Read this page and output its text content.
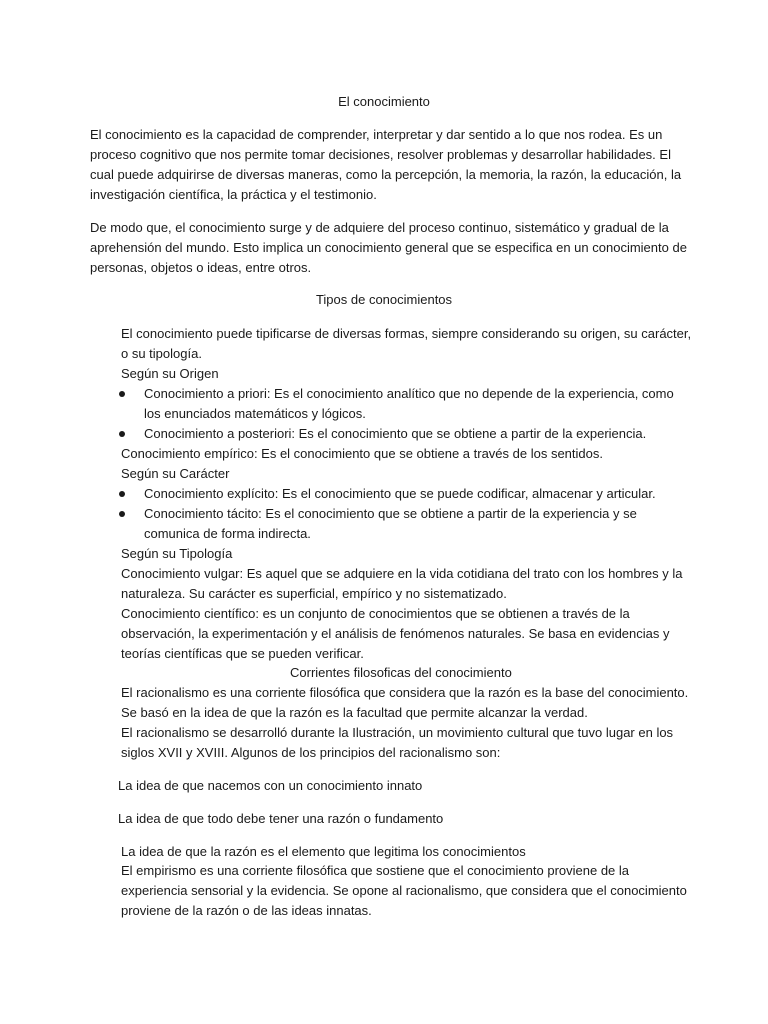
El conocimiento

El conocimiento es la capacidad de comprender, interpretar y dar sentido a lo que nos rodea. Es un

proceso cognitivo que nos permite tomar decisiones, resolver problemas y desarrollar habilidades. El

cual puede adquirirse de diversas maneras, como la percepción, la memoria, la razón, la educación, la

investigación científica, la práctica y el testimonio.

De modo que, el conocimiento surge y de adquiere del proceso continuo, sistemático y gradual de la

aprehensión del mundo. Esto implica un conocimiento general que se especifica en un conocimiento de

personas, objetos o ideas, entre otros.

Tipos de conocimientos

El conocimiento puede tipificarse de diversas formas, siempre considerando su origen, su carácter,

o su tipología.

Según su Origen

Conocimiento a priori: Es el conocimiento analítico que no depende de la experiencia, como

los enunciados matemáticos y lógicos.

Conocimiento a posteriori: Es el conocimiento que se obtiene a partir de la experiencia.

Conocimiento empírico: Es el conocimiento que se obtiene a través de los sentidos.

Según su Carácter

Conocimiento explícito: Es el conocimiento que se puede codificar, almacenar y articular.

Conocimiento tácito: Es el conocimiento que se obtiene a partir de la experiencia y se

comunica de forma indirecta.

Según su Tipología

Conocimiento vulgar: Es aquel que se adquiere en la vida cotidiana del trato con los hombres y la

naturaleza. Su carácter es superficial, empírico y no sistematizado.

Conocimiento científico: es un conjunto de conocimientos que se obtienen a través de la

observación, la experimentación y el análisis de fenómenos naturales. Se basa en evidencias y

teorías científicas que se pueden verificar.

Corrientes filosoficas del conocimiento

El racionalismo es una corriente filosófica que considera que la razón es la base del conocimiento.

Se basó en la idea de que la razón es la facultad que permite alcanzar la verdad.

El racionalismo se desarrolló durante la Ilustración, un movimiento cultural que tuvo lugar en los

siglos XVII y XVIII. Algunos de los principios del racionalismo son:

La idea de que nacemos con un conocimiento innato

La idea de que todo debe tener una razón o fundamento

La idea de que la razón es el elemento que legitima los conocimientos

El empirismo es una corriente filosófica que sostiene que el conocimiento proviene de la

experiencia sensorial y la evidencia. Se opone al racionalismo, que considera que el conocimiento

proviene de la razón o de las ideas innatas.
